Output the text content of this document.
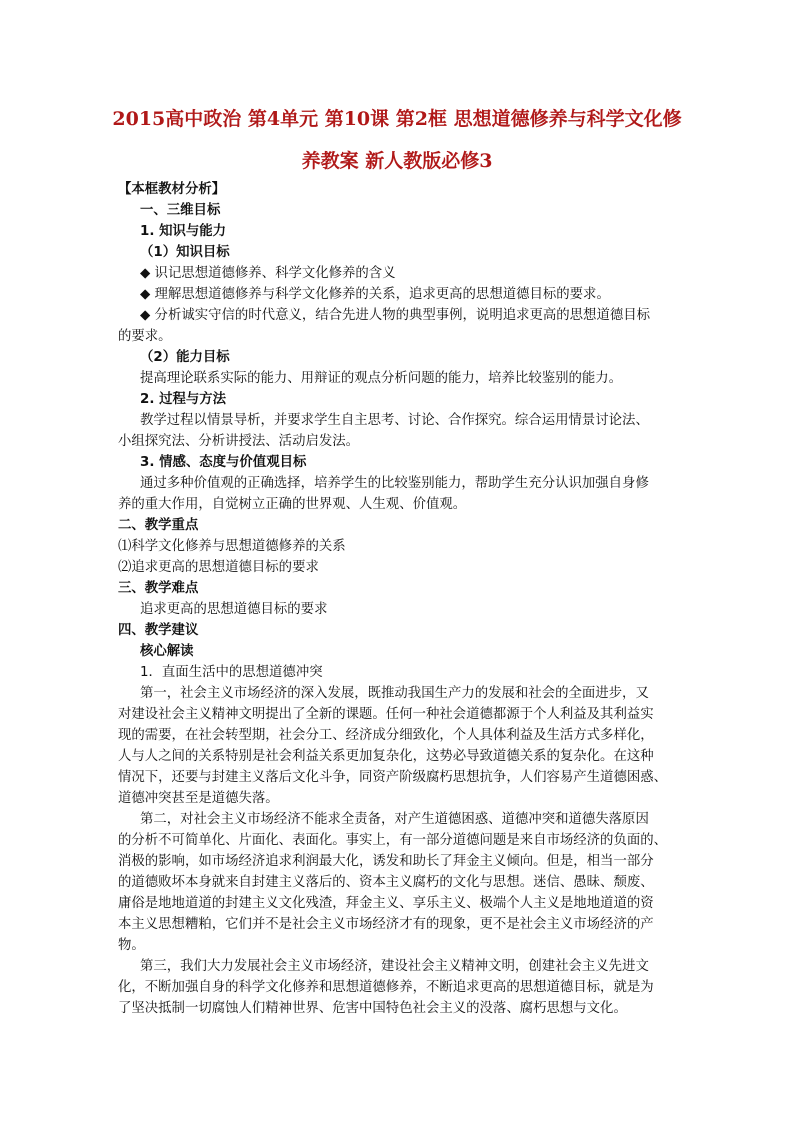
2015高中政治 第4单元 第10课 第2框 思想道德修养与科学文化修
养教案 新人教版必修3
【本框教材分析】
一、三维目标
1. 知识与能力
（1）知识目标
◆ 识记思想道德修养、科学文化修养的含义
◆ 理解思想道德修养与科学文化修养的关系，追求更高的思想道德目标的要求。
◆ 分析诚实守信的时代意义，结合先进人物的典型事例，说明追求更高的思想道德目标
的要求。
（2）能力目标
提高理论联系实际的能力、用辩证的观点分析问题的能力，培养比较鉴别的能力。
2. 过程与方法
教学过程以情景导析，并要求学生自主思考、讨论、合作探究。综合运用情景讨论法、
小组探究法、分析讲授法、活动启发法。
3. 情感、态度与价值观目标
通过多种价值观的正确选择，培养学生的比较鉴别能力，帮助学生充分认识加强自身修
养的重大作用，自觉树立正确的世界观、人生观、价值观。
二、教学重点
⑴科学文化修养与思想道德修养的关系
⑵追求更高的思想道德目标的要求
三、教学难点
追求更高的思想道德目标的要求
四、教学建议
核心解读
1．直面生活中的思想道德冲突
第一，社会主义市场经济的深入发展，既推动我国生产力的发展和社会的全面进步，又
对建设社会主义精神文明提出了全新的课题。任何一种社会道德都源于个人利益及其利益实
现的需要，在社会转型期，社会分工、经济成分细致化，个人具体利益及生活方式多样化，
人与人之间的关系特别是社会利益关系更加复杂化，这势必导致道德关系的复杂化。在这种
情况下，还要与封建主义落后文化斗争，同资产阶级腐朽思想抗争，人们容易产生道德困惑、
道德冲突甚至是道德失落。
第二，对社会主义市场经济不能求全责备，对产生道德困惑、道德冲突和道德失落原因
的分析不可简单化、片面化、表面化。事实上，有一部分道德问题是来自市场经济的负面的、
消极的影响，如市场经济追求利润最大化，诱发和助长了拜金主义倾向。但是，相当一部分
的道德败坏本身就来自封建主义落后的、资本主义腐朽的文化与思想。迷信、愚昧、颓废、
庸俗是地地道道的封建主义文化残渣，拜金主义、享乐主义、极端个人主义是地地道道的资
本主义思想糟粕，它们并不是社会主义市场经济才有的现象，更不是社会主义市场经济的产
物。
第三，我们大力发展社会主义市场经济，建设社会主义精神文明，创建社会主义先进文
化，不断加强自身的科学文化修养和思想道德修养，不断追求更高的思想道德目标，就是为
了坚决抵制一切腐蚀人们精神世界、危害中国特色社会主义的没落、腐朽思想与文化。
